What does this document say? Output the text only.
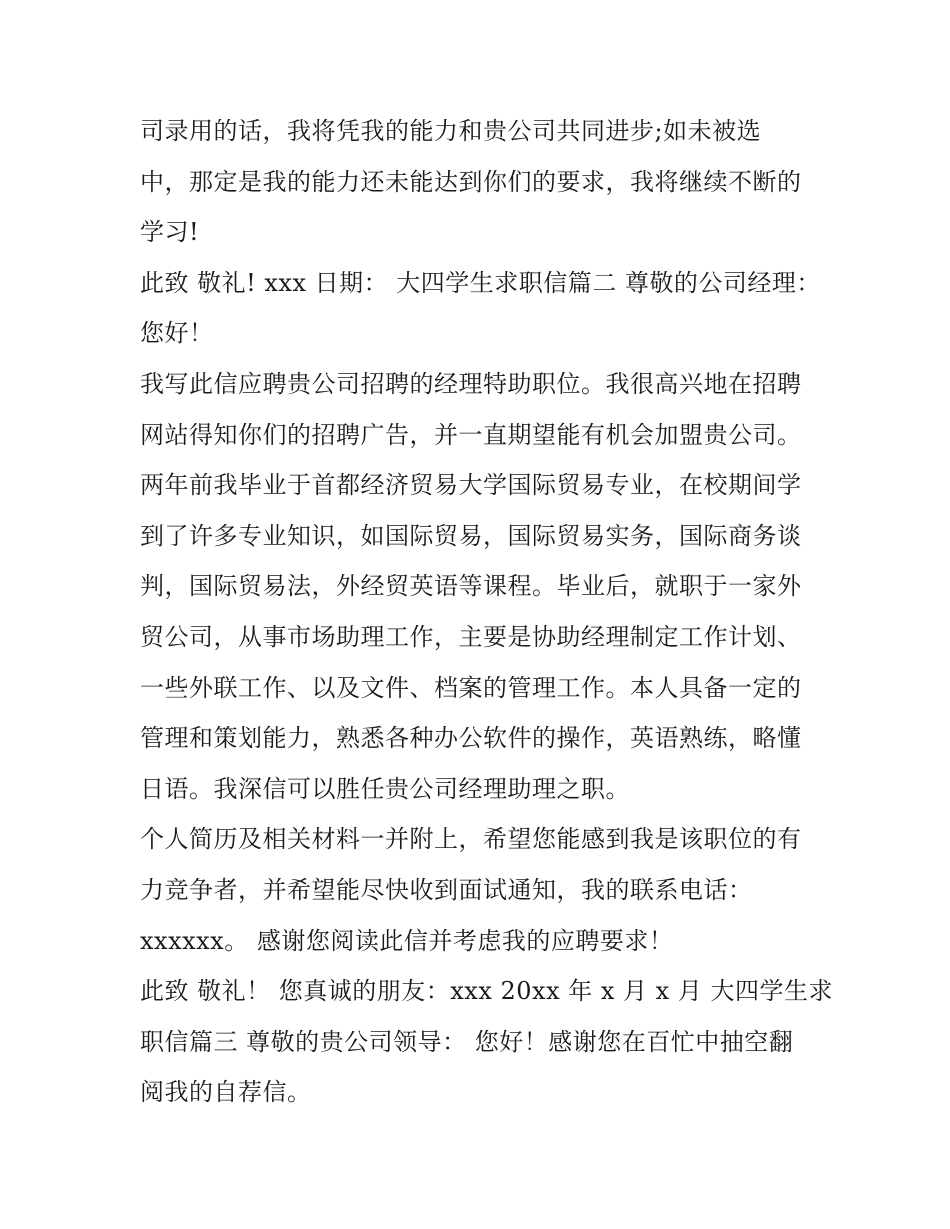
司录用的话，我将凭我的能力和贵公司共同进步;如未被选
中，那定是我的能力还未能达到你们的要求，我将继续不断的
学习!
此致 敬礼! xxx 日期： 大四学生求职信篇二 尊敬的公司经理：
您好！
我写此信应聘贵公司招聘的经理特助职位。我很高兴地在招聘
网站得知你们的招聘广告，并一直期望能有机会加盟贵公司。
两年前我毕业于首都经济贸易大学国际贸易专业，在校期间学
到了许多专业知识，如国际贸易，国际贸易实务，国际商务谈
判，国际贸易法，外经贸英语等课程。毕业后，就职于一家外
贸公司，从事市场助理工作，主要是协助经理制定工作计划、
一些外联工作、以及文件、档案的管理工作。本人具备一定的
管理和策划能力，熟悉各种办公软件的操作，英语熟练，略懂
日语。我深信可以胜任贵公司经理助理之职。
个人简历及相关材料一并附上，希望您能感到我是该职位的有
力竞争者，并希望能尽快收到面试通知，我的联系电话：
xxxxxx。 感谢您阅读此信并考虑我的应聘要求！
此致 敬礼！ 您真诚的朋友：xxx 20xx 年 x 月 x 月 大四学生求
职信篇三 尊敬的贵公司领导： 您好！感谢您在百忙中抽空翻
阅我的自荐信。
